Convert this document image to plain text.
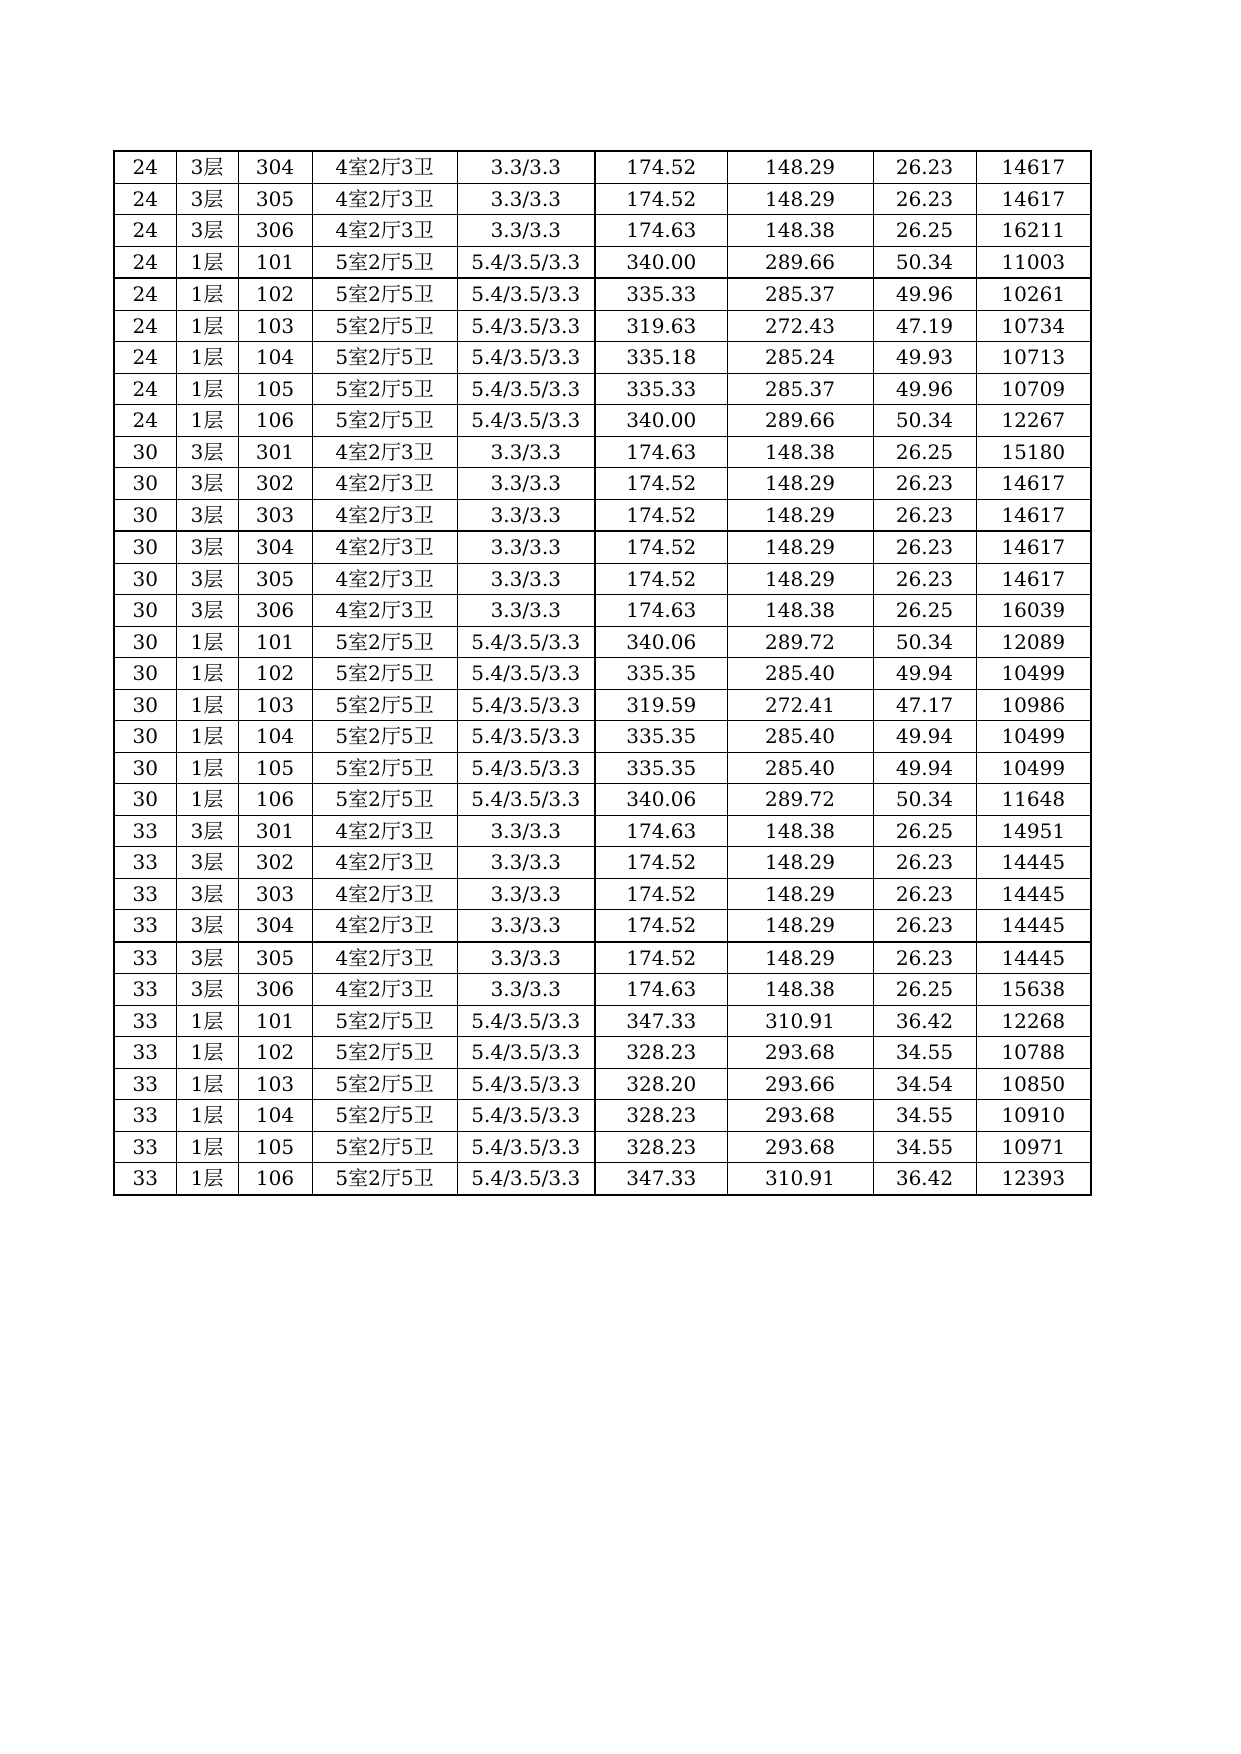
24	3层	304	4室2厅3卫	3.3/3.3	174.52	148.29	26.23	14617
24	3层	305	4室2厅3卫	3.3/3.3	174.52	148.29	26.23	14617
24	3层	306	4室2厅3卫	3.3/3.3	174.63	148.38	26.25	16211
24	1层	101	5室2厅5卫	5.4/3.5/3.3	340.00	289.66	50.34	11003
24	1层	102	5室2厅5卫	5.4/3.5/3.3	335.33	285.37	49.96	10261
24	1层	103	5室2厅5卫	5.4/3.5/3.3	319.63	272.43	47.19	10734
24	1层	104	5室2厅5卫	5.4/3.5/3.3	335.18	285.24	49.93	10713
24	1层	105	5室2厅5卫	5.4/3.5/3.3	335.33	285.37	49.96	10709
24	1层	106	5室2厅5卫	5.4/3.5/3.3	340.00	289.66	50.34	12267
30	3层	301	4室2厅3卫	3.3/3.3	174.63	148.38	26.25	15180
30	3层	302	4室2厅3卫	3.3/3.3	174.52	148.29	26.23	14617
30	3层	303	4室2厅3卫	3.3/3.3	174.52	148.29	26.23	14617
30	3层	304	4室2厅3卫	3.3/3.3	174.52	148.29	26.23	14617
30	3层	305	4室2厅3卫	3.3/3.3	174.52	148.29	26.23	14617
30	3层	306	4室2厅3卫	3.3/3.3	174.63	148.38	26.25	16039
30	1层	101	5室2厅5卫	5.4/3.5/3.3	340.06	289.72	50.34	12089
30	1层	102	5室2厅5卫	5.4/3.5/3.3	335.35	285.40	49.94	10499
30	1层	103	5室2厅5卫	5.4/3.5/3.3	319.59	272.41	47.17	10986
30	1层	104	5室2厅5卫	5.4/3.5/3.3	335.35	285.40	49.94	10499
30	1层	105	5室2厅5卫	5.4/3.5/3.3	335.35	285.40	49.94	10499
30	1层	106	5室2厅5卫	5.4/3.5/3.3	340.06	289.72	50.34	11648
33	3层	301	4室2厅3卫	3.3/3.3	174.63	148.38	26.25	14951
33	3层	302	4室2厅3卫	3.3/3.3	174.52	148.29	26.23	14445
33	3层	303	4室2厅3卫	3.3/3.3	174.52	148.29	26.23	14445
33	3层	304	4室2厅3卫	3.3/3.3	174.52	148.29	26.23	14445
33	3层	305	4室2厅3卫	3.3/3.3	174.52	148.29	26.23	14445
33	3层	306	4室2厅3卫	3.3/3.3	174.63	148.38	26.25	15638
33	1层	101	5室2厅5卫	5.4/3.5/3.3	347.33	310.91	36.42	12268
33	1层	102	5室2厅5卫	5.4/3.5/3.3	328.23	293.68	34.55	10788
33	1层	103	5室2厅5卫	5.4/3.5/3.3	328.20	293.66	34.54	10850
33	1层	104	5室2厅5卫	5.4/3.5/3.3	328.23	293.68	34.55	10910
33	1层	105	5室2厅5卫	5.4/3.5/3.3	328.23	293.68	34.55	10971
33	1层	106	5室2厅5卫	5.4/3.5/3.3	347.33	310.91	36.42	12393
